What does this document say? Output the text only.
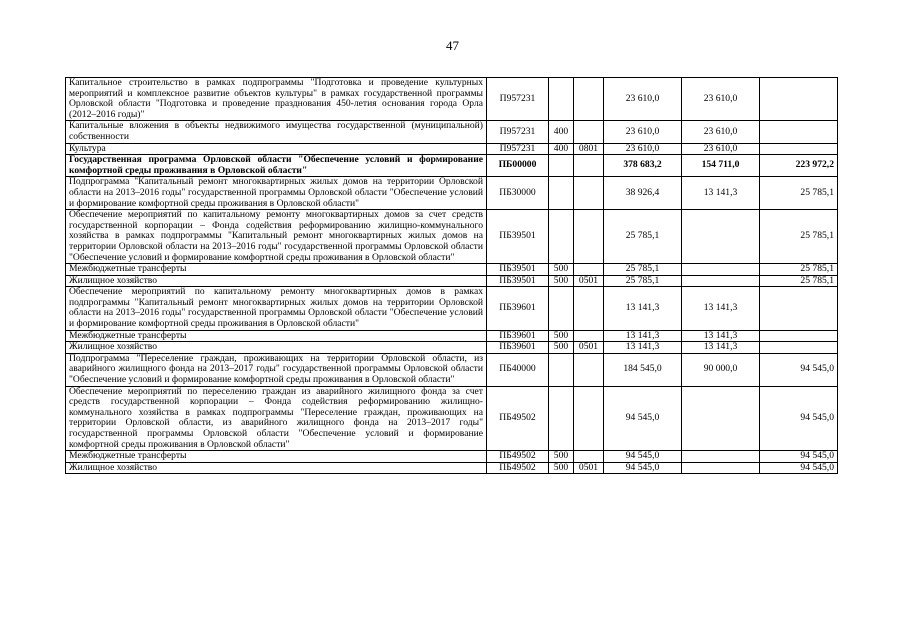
47
Капитальное строительство в рамках подпрограммы "Подготовка и проведение культурных мероприятий и комплексное развитие объектов культуры" в рамках государственной программы Орловской области "Подготовка и проведение празднования 450-летия основания города Орла (2012–2016 годы)"	П957231			23 610,0	23 610,0	
Капитальные вложения в объекты недвижимого имущества государственной (муниципальной) собственности	П957231	400		23 610,0	23 610,0	
Культура	П957231	400	0801	23 610,0	23 610,0	
Государственная программа Орловской области "Обеспечение условий и формирование комфортной среды проживания в Орловской области"	ПБ00000			378 683,2	154 711,0	223 972,2
Подпрограмма "Капитальный ремонт многоквартирных жилых домов на территории Орловской области на 2013–2016 годы" государственной программы Орловской области "Обеспечение условий и формирование комфортной среды проживания в Орловской области"	ПБ30000			38 926,4	13 141,3	25 785,1
Обеспечение мероприятий по капитальному ремонту многоквартирных домов за счет средств государственной корпорации – Фонда содействия реформированию жилищно-коммунального хозяйства в рамках подпрограммы "Капитальный ремонт многоквартирных жилых домов на территории Орловской области на 2013–2016 годы" государственной программы Орловской области "Обеспечение условий и формирование комфортной среды проживания в Орловской области"	ПБ39501			25 785,1		25 785,1
Межбюджетные трансферты	ПБ39501	500		25 785,1		25 785,1
Жилищное хозяйство	ПБ39501	500	0501	25 785,1		25 785,1
Обеспечение мероприятий по капитальному ремонту многоквартирных домов в рамках подпрограммы "Капитальный ремонт многоквартирных жилых домов на территории Орловской области на 2013–2016 годы" государственной программы Орловской области "Обеспечение условий и формирование комфортной среды проживания в Орловской области"	ПБ39601			13 141,3	13 141,3	
Межбюджетные трансферты	ПБ39601	500		13 141,3	13 141,3	
Жилищное хозяйство	ПБ39601	500	0501	13 141,3	13 141,3	
Подпрограмма "Переселение граждан, проживающих на территории Орловской области, из аварийного жилищного фонда на 2013–2017 годы" государственной программы Орловской области "Обеспечение условий и формирование комфортной среды проживания в Орловской области"	ПБ40000			184 545,0	90 000,0	94 545,0
Обеспечение мероприятий по переселению граждан из аварийного жилищного фонда за счет средств государственной корпорации – Фонда содействия реформированию жилищно-коммунального хозяйства в рамках подпрограммы "Переселение граждан, проживающих на территории Орловской области, из аварийного жилищного фонда на 2013–2017 годы" государственной программы Орловской области "Обеспечение условий и формирование комфортной среды проживания в Орловской области"	ПБ49502			94 545,0		94 545,0
Межбюджетные трансферты	ПБ49502	500		94 545,0		94 545,0
Жилищное хозяйство	ПБ49502	500	0501	94 545,0		94 545,0
